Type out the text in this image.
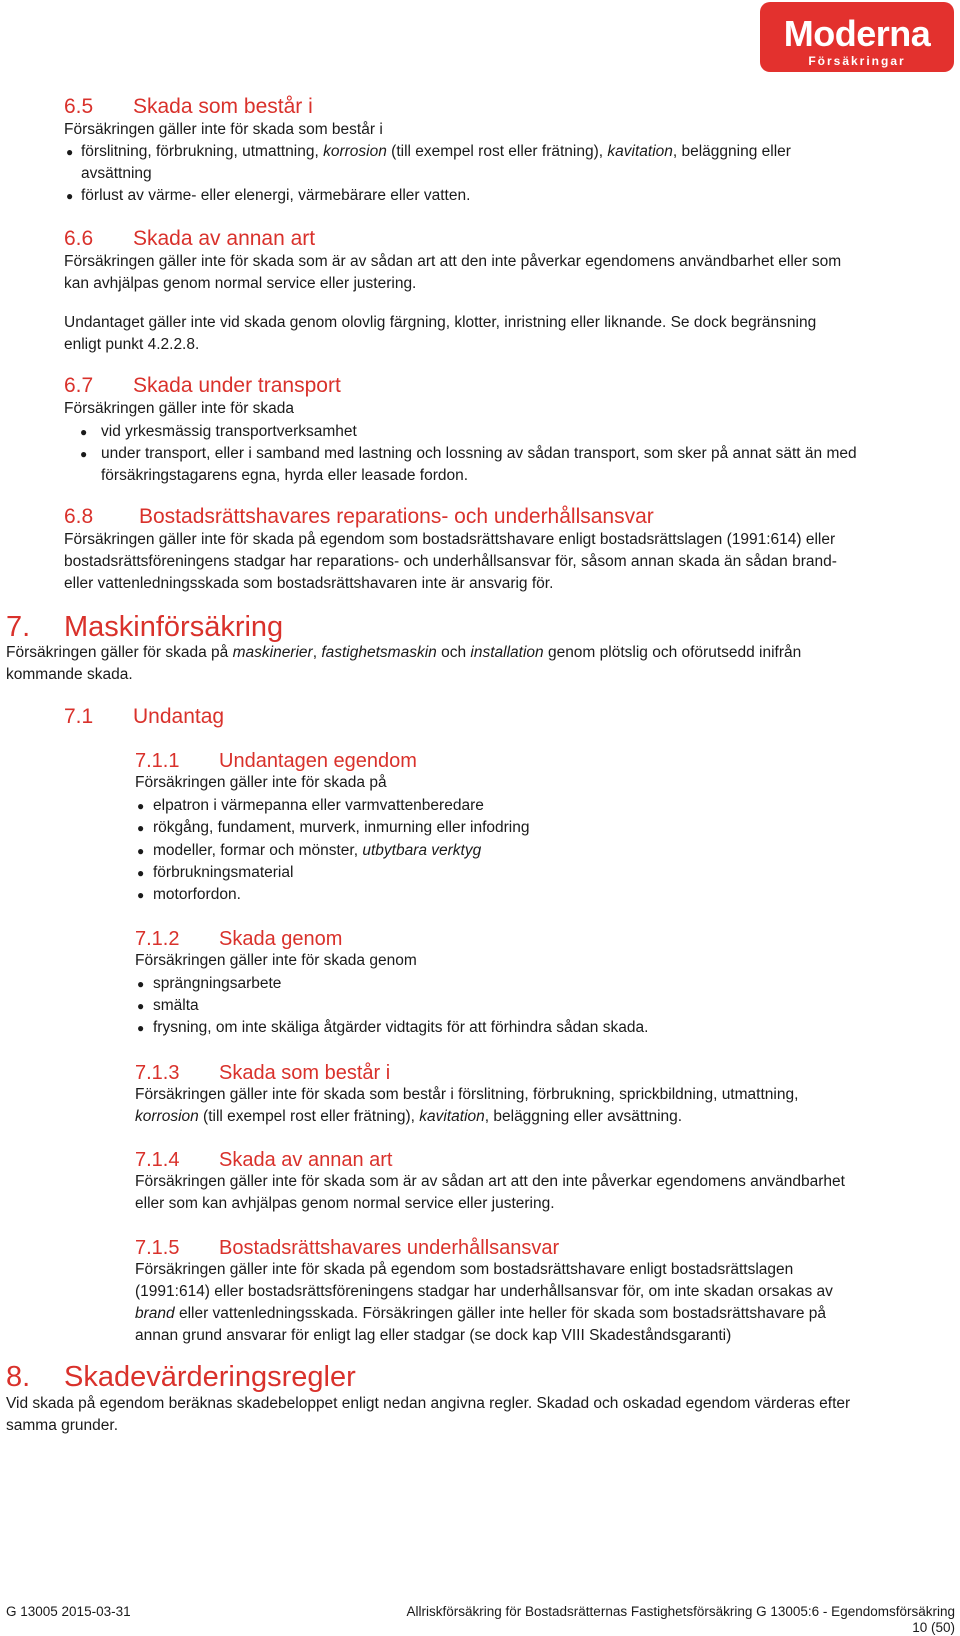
Moderna
Försäkringar
6.5 Skada som består i
Försäkringen gäller inte för skada som består i
● förslitning, förbrukning, utmattning, korrosion (till exempel rost eller frätning), kavitation, beläggning eller
avsättning
● förlust av värme- eller elenergi, värmebärare eller vatten.
6.6 Skada av annan art
Försäkringen gäller inte för skada som är av sådan art att den inte påverkar egendomens användbarhet eller som
kan avhjälpas genom normal service eller justering.
Undantaget gäller inte vid skada genom olovlig färgning, klotter, inristning eller liknande. Se dock begränsning
enligt punkt 4.2.2.8.
6.7 Skada under transport
Försäkringen gäller inte för skada
● vid yrkesmässig transportverksamhet
● under transport, eller i samband med lastning och lossning av sådan transport, som sker på annat sätt än med
försäkringstagarens egna, hyrda eller leasade fordon.
6.8 Bostadsrättshavares reparations- och underhållsansvar
Försäkringen gäller inte för skada på egendom som bostadsrättshavare enligt bostadsrättslagen (1991:614) eller
bostadsrättsföreningens stadgar har reparations- och underhållsansvar för, såsom annan skada än sådan brand-
eller vattenledningsskada som bostadsrättshavaren inte är ansvarig för.
7. Maskinförsäkring
Försäkringen gäller för skada på maskinerier, fastighetsmaskin och installation genom plötslig och oförutsedd inifrån
kommande skada.
7.1 Undantag
7.1.1 Undantagen egendom
Försäkringen gäller inte för skada på
● elpatron i värmepanna eller varmvattenberedare
● rökgång, fundament, murverk, inmurning eller infodring
● modeller, formar och mönster, utbytbara verktyg
● förbrukningsmaterial
● motorfordon.
7.1.2 Skada genom
Försäkringen gäller inte för skada genom
● sprängningsarbete
● smälta
● frysning, om inte skäliga åtgärder vidtagits för att förhindra sådan skada.
7.1.3 Skada som består i
Försäkringen gäller inte för skada som består i förslitning, förbrukning, sprickbildning, utmattning,
korrosion (till exempel rost eller frätning), kavitation, beläggning eller avsättning.
7.1.4 Skada av annan art
Försäkringen gäller inte för skada som är av sådan art att den inte påverkar egendomens användbarhet
eller som kan avhjälpas genom normal service eller justering.
7.1.5 Bostadsrättshavares underhållsansvar
Försäkringen gäller inte för skada på egendom som bostadsrättshavare enligt bostadsrättslagen
(1991:614) eller bostadsrättsföreningens stadgar har underhållsansvar för, om inte skadan orsakas av
brand eller vattenledningsskada. Försäkringen gäller inte heller för skada som bostadsrättshavare på
annan grund ansvarar för enligt lag eller stadgar (se dock kap VIII Skadeståndsgaranti)
8. Skadevärderingsregler
Vid skada på egendom beräknas skadebeloppet enligt nedan angivna regler. Skadad och oskadad egendom värderas efter
samma grunder.
G 13005 2015-03-31	Allriskförsäkring för Bostadsrätternas Fastighetsförsäkring G 13005:6 - Egendomsförsäkring
10 (50)
